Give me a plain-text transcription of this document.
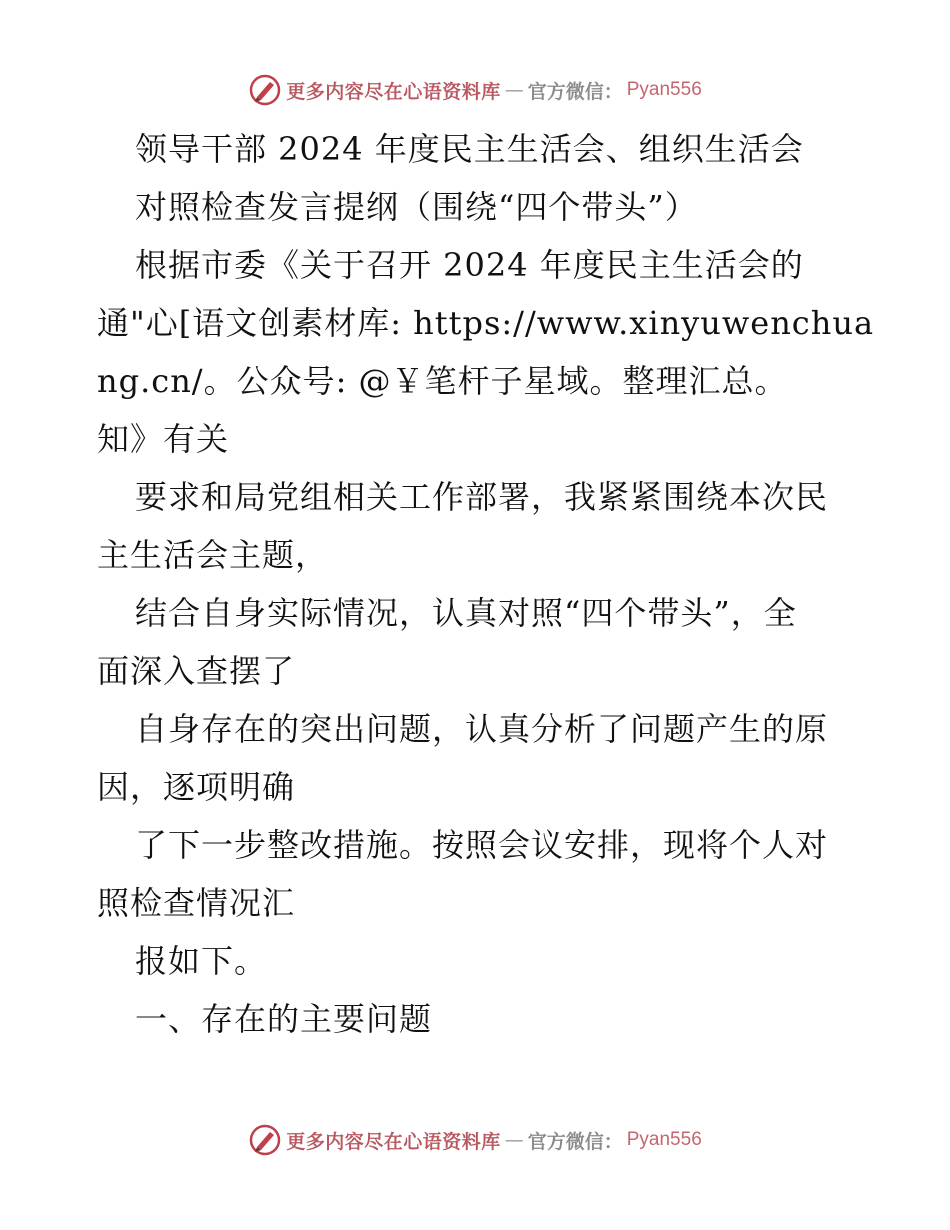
更多内容尽在心语资料库 — 官方微信： Pyan556
领导干部 2024 年度民主生活会、组织生活会
对照检查发言提纲（围绕“四个带头”）
根据市委《关于召开 2024 年度民主生活会的
通"心[语文创素材库: https://www.xinyuwenchua
ng.cn/。公众号: @￥笔杆子星域。整理汇总。
知》有关
要求和局党组相关工作部署，我紧紧围绕本次民
主生活会主题，
结合自身实际情况，认真对照“四个带头”，全
面深入查摆了
自身存在的突出问题，认真分析了问题产生的原
因，逐项明确
了下一步整改措施。按照会议安排，现将个人对
照检查情况汇
报如下。
一、存在的主要问题
更多内容尽在心语资料库 — 官方微信： Pyan556
